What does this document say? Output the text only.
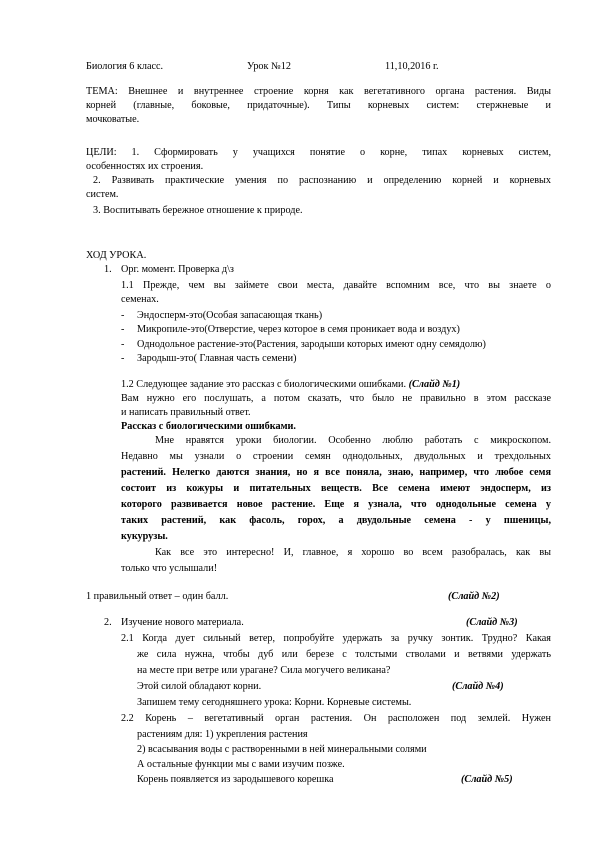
Биология 6 класс.	Урок №12	11,10,2016 г.
ТЕМА: Внешнее и внутреннее строение корня как вегетативного органа растения. Виды
корней (главные, боковые, придаточные). Типы корневых систем: стержневые и
мочковатые.
ЦЕЛИ: 1. Сформировать у учащихся понятие о корне, типах корневых систем,
особенностях их строения.
2. Развивать практические умения по распознанию и определению корней и корневых
систем.
3. Воспитывать бережное отношение к природе.
ХОД УРОКА.
1. Орг. момент. Проверка д\з
1.1 Прежде, чем вы займете свои места, давайте вспомним все, что вы знаете о
семенах.
- Эндосперм-это(Особая запасающая ткань)
- Микропиле-это(Отверстие, через которое в семя проникает вода и воздух)
- Однодольное растение-это(Растения, зародыши которых имеют одну семядолю)
- Зародыш-это( Главная часть семени)
1.2 Следующее задание это рассказ с биологическими ошибками. (Слайд №1)
Вам нужно его послушать, а потом сказать, что было не правильно в этом рассказе
и написать правильный ответ.
Рассказ с биологическими ошибками.
Мне нравятся уроки биологии. Особенно люблю работать с микроскопом.
Недавно мы узнали о строении семян однодольных, двудольных и трехдольных
растений. Нелегко даются знания, но я все поняла, знаю, например, что любое семя
состоит из кожуры и питательных веществ. Все семена имеют эндосперм, из
которого развивается новое растение. Еще я узнала, что однодольные семена у
таких растений, как фасоль, горох, а двудольные семена - у пшеницы,
кукурузы.
Как все это интересно! И, главное, я хорошо во всем разобралась, как вы
только что услышали!
1 правильный ответ – один балл.	(Слайд №2)
2. Изучение нового материала.	(Слайд №3)
2.1 Когда дует сильный ветер, попробуйте удержать за ручку зонтик. Трудно? Какая
же сила нужна, чтобы дуб или березе с толстыми стволами и ветвями удержать
на месте при ветре или урагане? Сила могучего великана?
Этой силой обладают корни.	(Слайд №4)
Запишем тему сегодняшнего урока: Корни. Корневые системы.
2.2 Корень – вегетативный орган растения. Он расположен под землей. Нужен
растениям для: 1) укрепления растения
2) всасывания воды с растворенными в ней минеральными солями
А остальные функции мы с вами изучим позже.
Корень появляется из зародышевого корешка	(Слайд №5)
